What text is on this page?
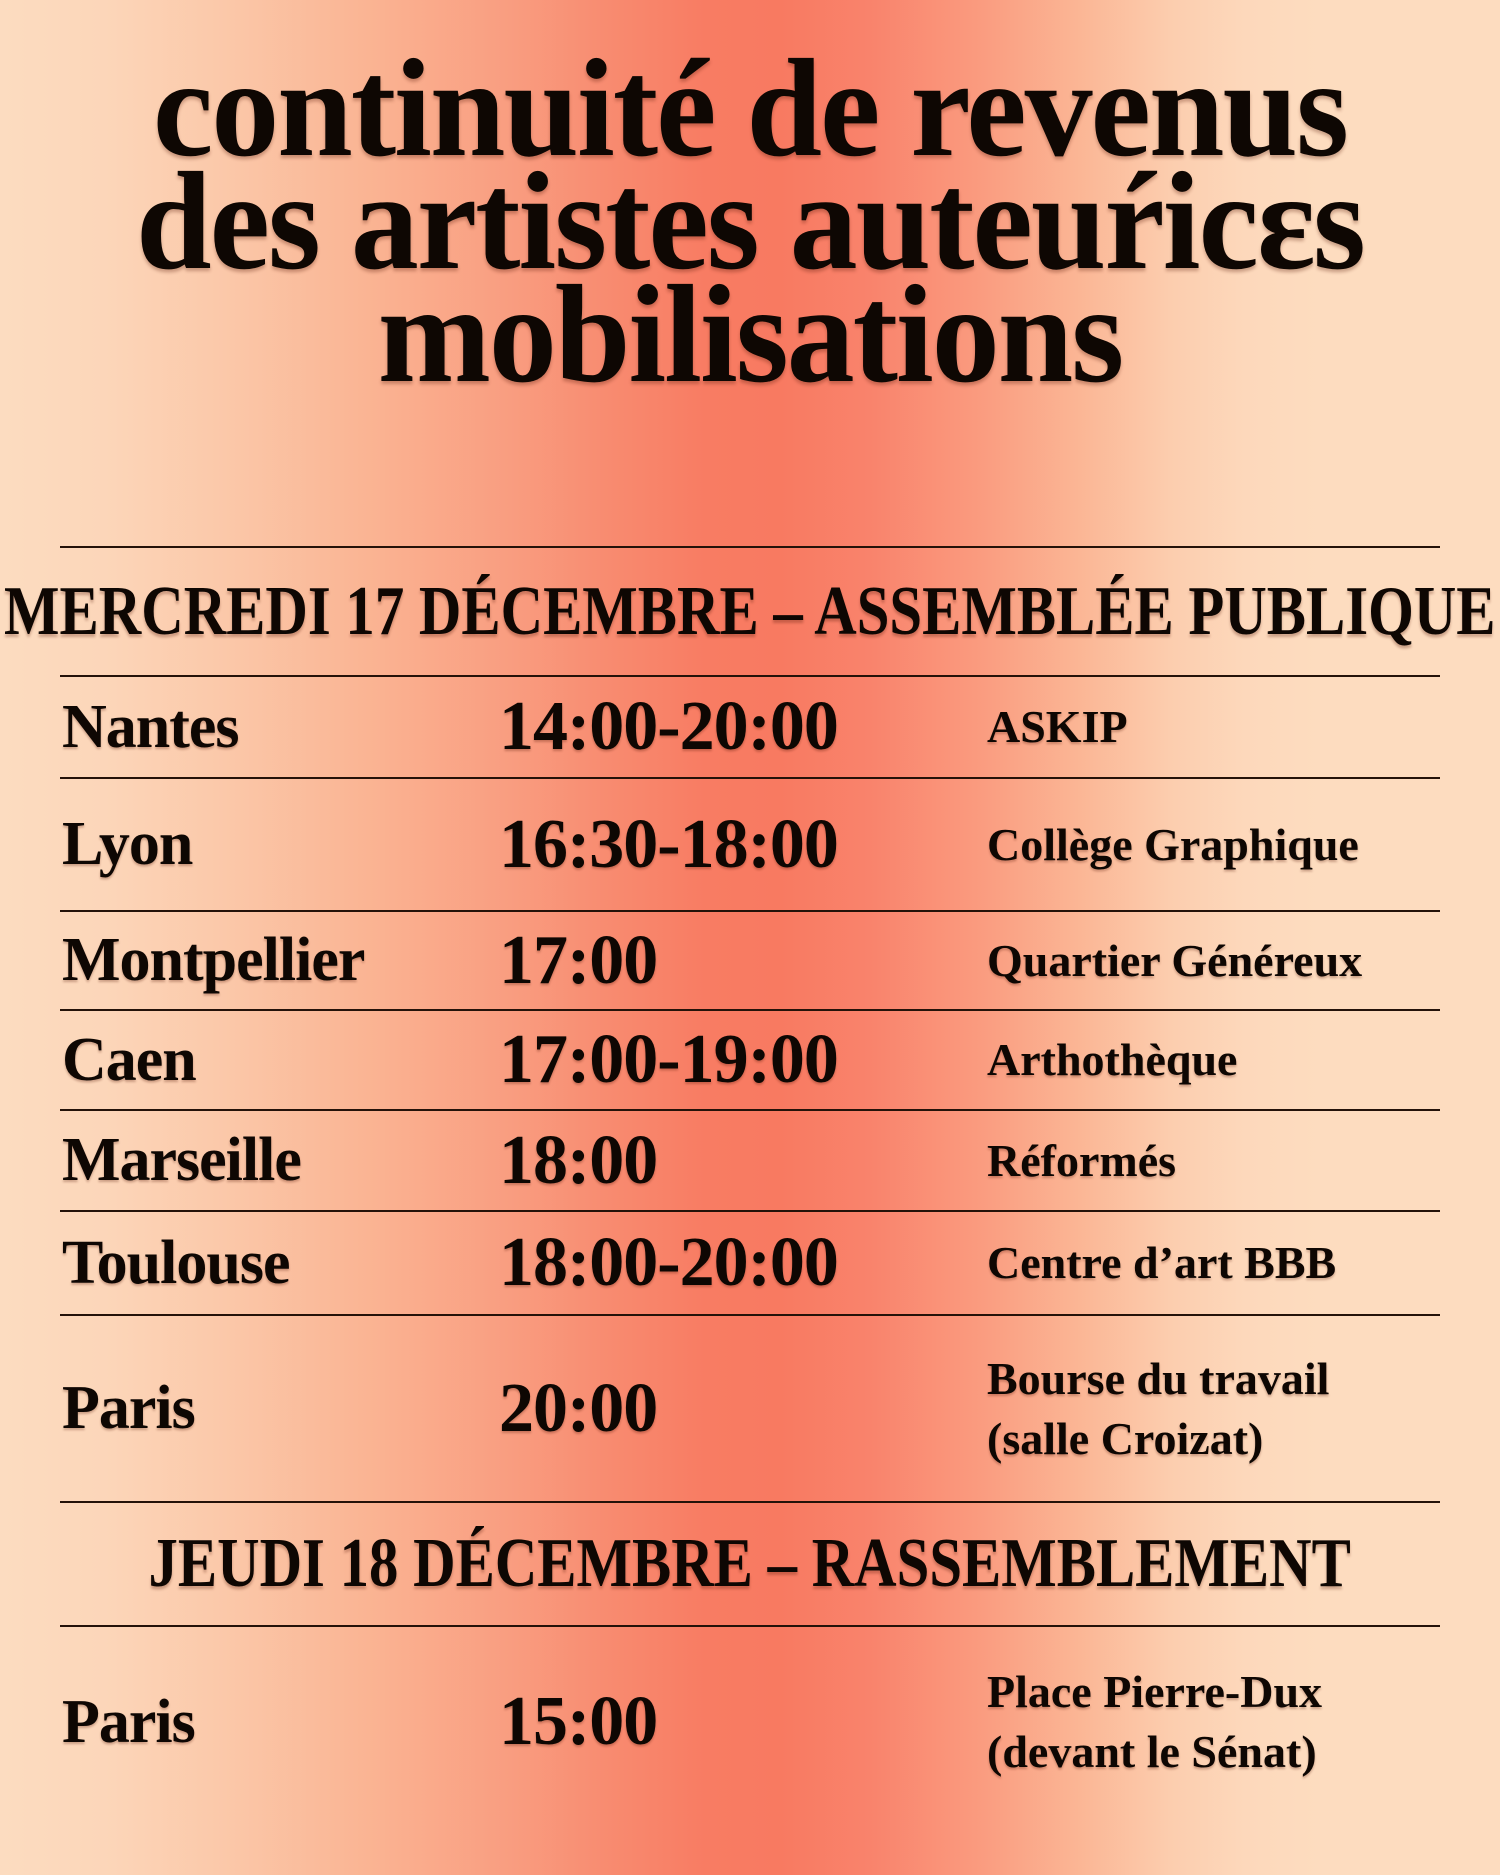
continuité de revenus
des artistes auteuŕicɛs
mobilisations
MERCREDI 17 DÉCEMBRE – ASSEMBLÉE PUBLIQUE
Nantes	14:00-20:00	ASKIP
Lyon	16:30-18:00	Collège Graphique
Montpellier	17:00	Quartier Généreux
Caen	17:00-19:00	Arthothèque
Marseille	18:00	Réformés
Toulouse	18:00-20:00	Centre d’art BBB
Paris	20:00	Bourse du travail
(salle Croizat)
JEUDI 18 DÉCEMBRE – RASSEMBLEMENT
Paris	15:00	Place Pierre-Dux
(devant le Sénat)
